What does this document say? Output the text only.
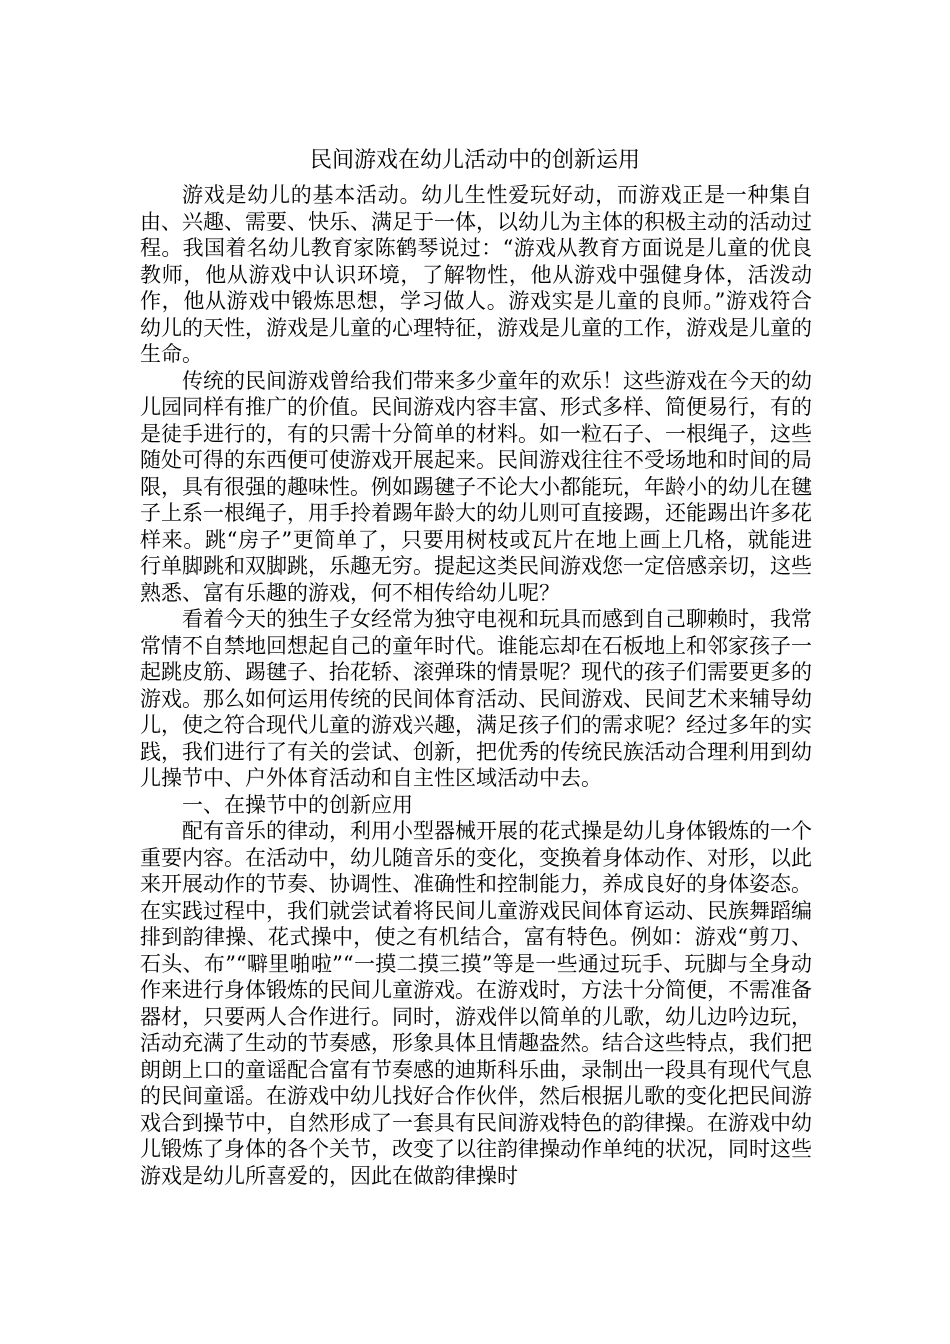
民间游戏在幼儿活动中的创新运用

游戏是幼儿的基本活动。幼儿生性爱玩好动，而游戏正是一种集自由、兴趣、需要、快乐、满足于一体，以幼儿为主体的积极主动的活动过程。我国着名幼儿教育家陈鹤琴说过：“游戏从教育方面说是儿童的优良教师，他从游戏中认识环境，了解物性，他从游戏中强健身体，活泼动作，他从游戏中锻炼思想，学习做人。游戏实是儿童的良师。”游戏符合幼儿的天性，游戏是儿童的心理特征，游戏是儿童的工作，游戏是儿童的生命。

传统的民间游戏曾给我们带来多少童年的欢乐！这些游戏在今天的幼儿园同样有推广的价值。民间游戏内容丰富、形式多样、简便易行，有的是徒手进行的，有的只需十分简单的材料。如一粒石子、一根绳子，这些随处可得的东西便可使游戏开展起来。民间游戏往往不受场地和时间的局限，具有很强的趣味性。例如踢毽子不论大小都能玩，年龄小的幼儿在毽子上系一根绳子，用手拎着踢年龄大的幼儿则可直接踢，还能踢出许多花样来。跳“房子”更简单了，只要用树枝或瓦片在地上画上几格，就能进行单脚跳和双脚跳，乐趣无穷。提起这类民间游戏您一定倍感亲切，这些熟悉、富有乐趣的游戏，何不相传给幼儿呢？

看着今天的独生子女经常为独守电视和玩具而感到自己聊赖时，我常常情不自禁地回想起自己的童年时代。谁能忘却在石板地上和邻家孩子一起跳皮筋、踢毽子、抬花轿、滚弹珠的情景呢？现代的孩子们需要更多的游戏。那么如何运用传统的民间体育活动、民间游戏、民间艺术来辅导幼儿，使之符合现代儿童的游戏兴趣，满足孩子们的需求呢？经过多年的实践，我们进行了有关的尝试、创新，把优秀的传统民族活动合理利用到幼儿操节中、户外体育活动和自主性区域活动中去。

一、在操节中的创新应用

配有音乐的律动，利用小型器械开展的花式操是幼儿身体锻炼的一个重要内容。在活动中，幼儿随音乐的变化，变换着身体动作、对形，以此来开展动作的节奏、协调性、准确性和控制能力，养成良好的身体姿态。在实践过程中，我们就尝试着将民间儿童游戏民间体育运动、民族舞蹈编排到韵律操、花式操中，使之有机结合，富有特色。例如：游戏“剪刀、石头、布”“噼里啪啦”“一摸二摸三摸”等是一些通过玩手、玩脚与全身动作来进行身体锻炼的民间儿童游戏。在游戏时，方法十分简便，不需准备器材，只要两人合作进行。同时，游戏伴以简单的儿歌，幼儿边吟边玩，活动充满了生动的节奏感，形象具体且情趣盎然。结合这些特点，我们把朗朗上口的童谣配合富有节奏感的迪斯科乐曲，录制出一段具有现代气息的民间童谣。在游戏中幼儿找好合作伙伴，然后根据儿歌的变化把民间游戏合到操节中，自然形成了一套具有民间游戏特色的韵律操。在游戏中幼儿锻炼了身体的各个关节，改变了以往韵律操动作单纯的状况，同时这些游戏是幼儿所喜爱的，因此在做韵律操时
